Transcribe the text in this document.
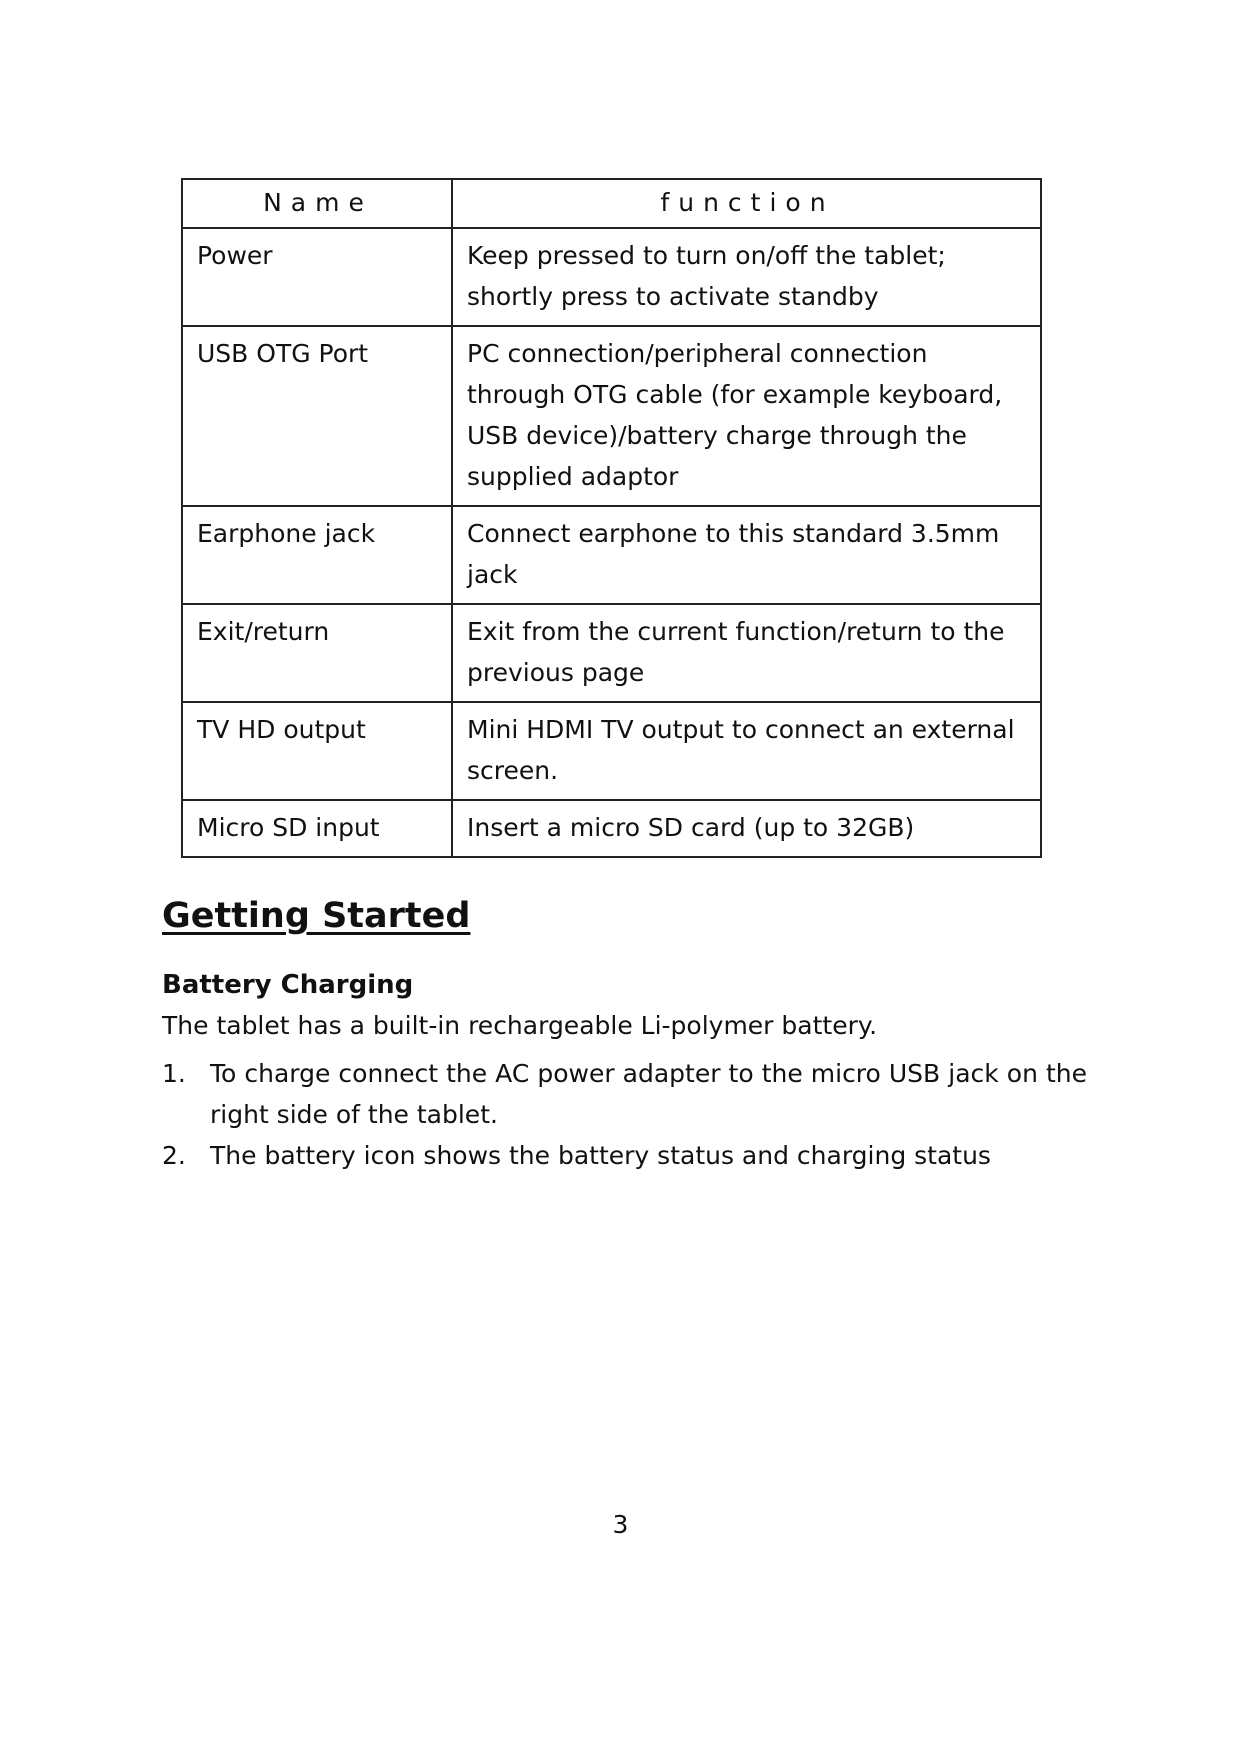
Name	function
Power	Keep pressed to turn on/off the tablet; shortly press to activate standby
USB OTG Port	PC connection/peripheral connection through OTG cable (for example keyboard, USB device)/battery charge through the supplied adaptor
Earphone jack	Connect earphone to this standard 3.5mm jack
Exit/return	Exit from the current function/return to the previous page
TV HD output	Mini HDMI TV output to connect an external screen.
Micro SD input	Insert a micro SD card (up to 32GB)
Getting Started
Battery Charging

The tablet has a built-in rechargeable Li-polymer battery.

1. To charge connect the AC power adapter to the micro USB jack on the right side of the tablet.
2. The battery icon shows the battery status and charging status
3
